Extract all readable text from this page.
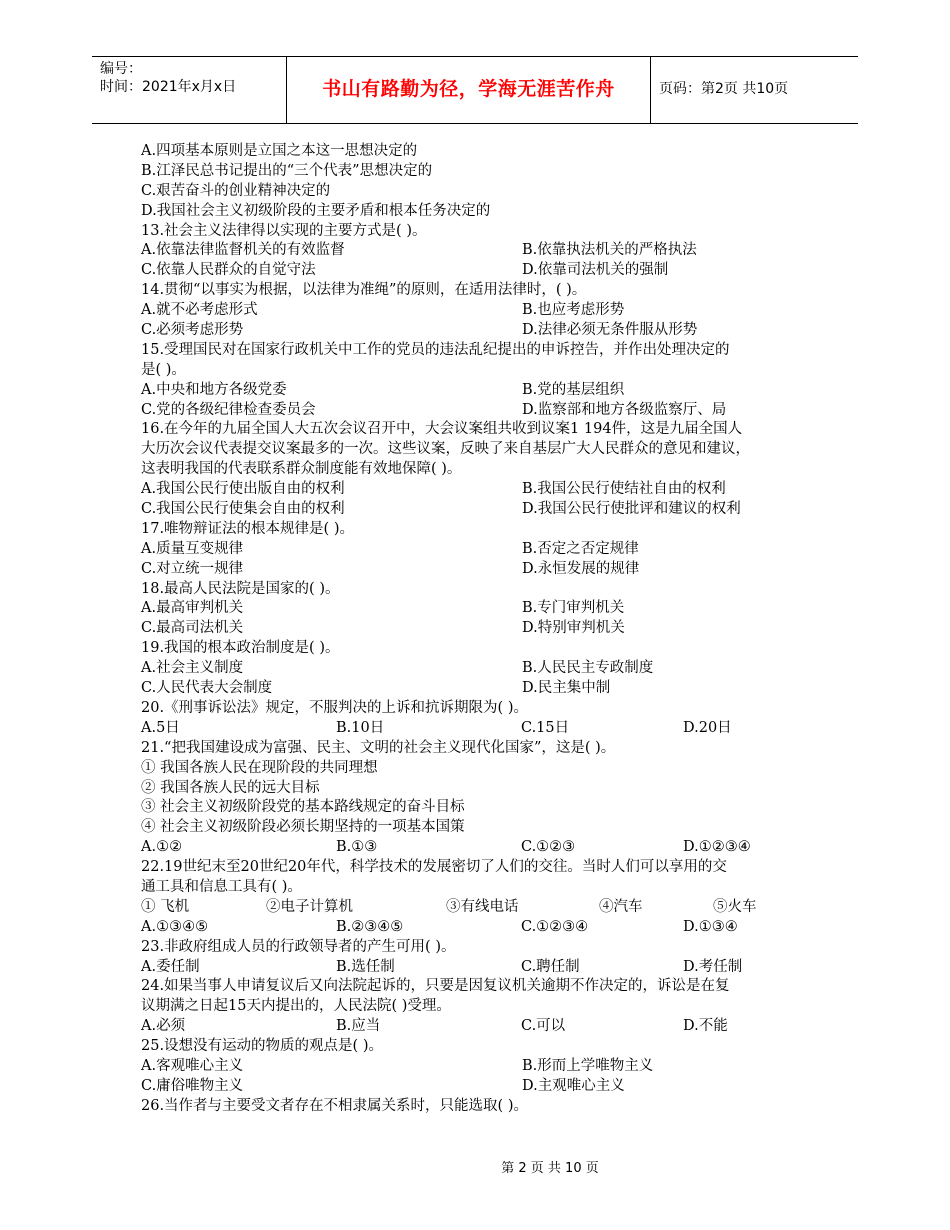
编号：
时间：2021年x月x日	书山有路勤为径，学海无涯苦作舟	页码：第2页 共10页
A.四项基本原则是立国之本这一思想决定的
B.江泽民总书记提出的“三个代表”思想决定的
C.艰苦奋斗的创业精神决定的
D.我国社会主义初级阶段的主要矛盾和根本任务决定的
13.社会主义法律得以实现的主要方式是( )。
A.依靠法律监督机关的有效监督	B.依靠执法机关的严格执法
C.依靠人民群众的自觉守法	D.依靠司法机关的强制
14.贯彻“以事实为根据，以法律为准绳”的原则，在适用法律时，( )。
A.就不必考虑形式	B.也应考虑形势
C.必须考虑形势	D.法律必须无条件服从形势
15.受理国民对在国家行政机关中工作的党员的违法乱纪提出的申诉控告，并作出处理决定的
是( )。
A.中央和地方各级党委	B.党的基层组织
C.党的各级纪律检查委员会	D.监察部和地方各级监察厅、局
16.在今年的九届全国人大五次会议召开中，大会议案组共收到议案1 194件，这是九届全国人
大历次会议代表提交议案最多的一次。这些议案，反映了来自基层广大人民群众的意见和建议，
这表明我国的代表联系群众制度能有效地保障( )。
A.我国公民行使出版自由的权利	B.我国公民行使结社自由的权利
C.我国公民行使集会自由的权利	D.我国公民行使批评和建议的权利
17.唯物辩证法的根本规律是( )。
A.质量互变规律	B.否定之否定规律
C.对立统一规律	D.永恒发展的规律
18.最高人民法院是国家的( )。
A.最高审判机关	B.专门审判机关
C.最高司法机关	D.特别审判机关
19.我国的根本政治制度是( )。
A.社会主义制度	B.人民民主专政制度
C.人民代表大会制度	D.民主集中制
20.《刑事诉讼法》规定，不服判决的上诉和抗诉期限为( )。
A.5日	B.10日	C.15日	D.20日
21.“把我国建设成为富强、民主、文明的社会主义现代化国家”，这是( )。
① 我国各族人民在现阶段的共同理想
② 我国各族人民的远大目标
③ 社会主义初级阶段党的基本路线规定的奋斗目标
④ 社会主义初级阶段必须长期坚持的一项基本国策
A.①②	B.①③	C.①②③	D.①②③④
22.19世纪末至20世纪20年代，科学技术的发展密切了人们的交往。当时人们可以享用的交
通工具和信息工具有( )。
① 飞机	②电子计算机	③有线电话	④汽车	⑤火车
A.①③④⑤	B.②③④⑤	C.①②③④	D.①③④
23.非政府组成人员的行政领导者的产生可用( )。
A.委任制	B.选任制	C.聘任制	D.考任制
24.如果当事人申请复议后又向法院起诉的，只要是因复议机关逾期不作决定的，诉讼是在复
议期满之日起15天内提出的，人民法院( )受理。
A.必须	B.应当	C.可以	D.不能
25.设想没有运动的物质的观点是( )。
A.客观唯心主义	B.形而上学唯物主义
C.庸俗唯物主义	D.主观唯心主义
26.当作者与主要受文者存在不相隶属关系时，只能选取( )。
第 2 页 共 10 页
